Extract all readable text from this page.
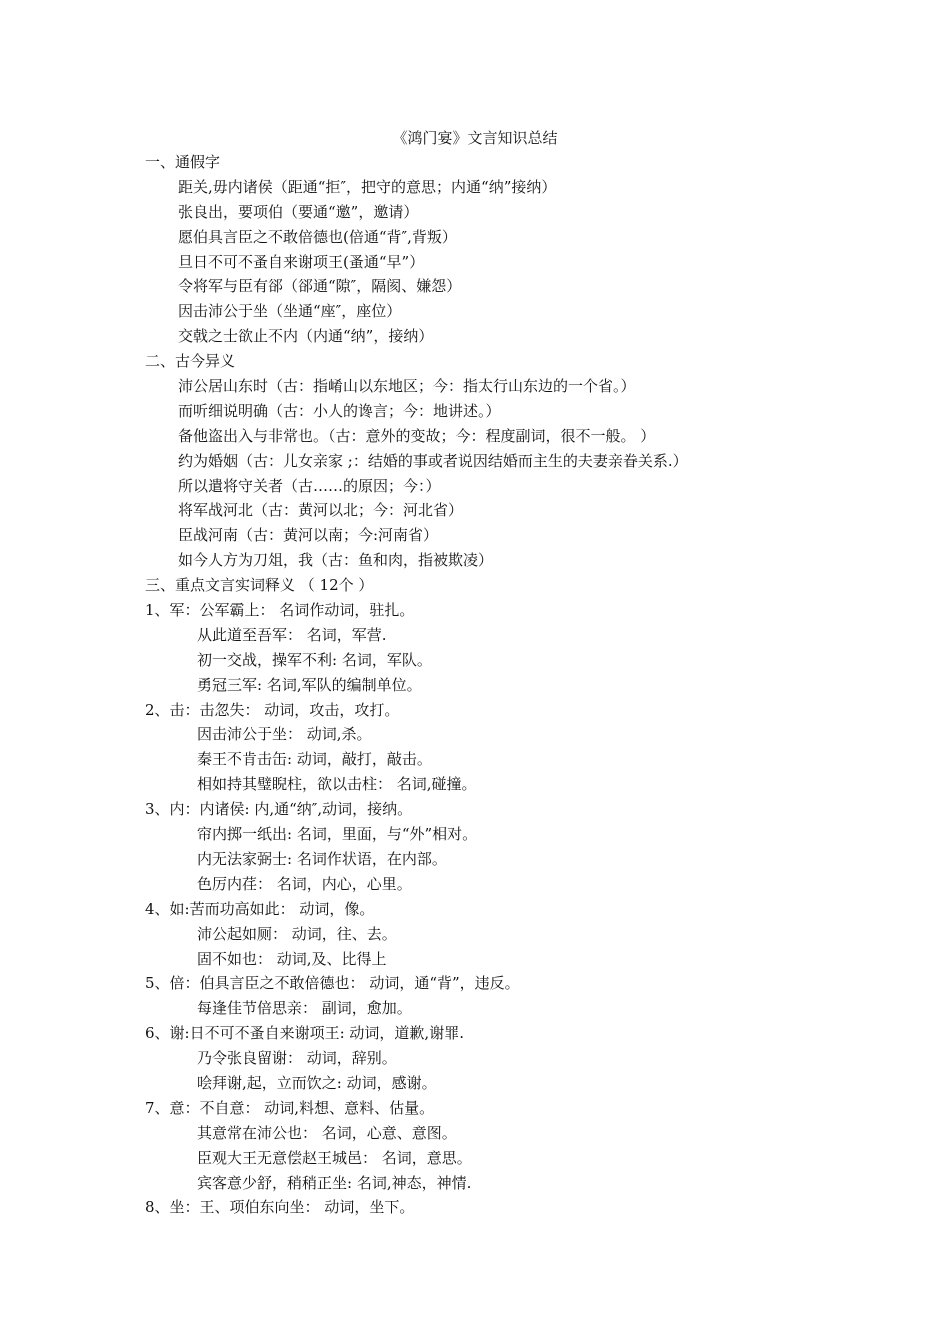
《鸿门宴》文言知识总结
一、通假字
距关,毋内诸侯（距通“拒″，把守的意思；内通“纳”接纳）
张良出，要项伯（要通“邀”，邀请）
愿伯具言臣之不敢倍德也(倍通“背″,背叛）
旦日不可不蚤自来谢项王(蚤通“早”）
令将军与臣有郤（郤通“隙″，隔阂、嫌怨）
因击沛公于坐（坐通“座″，座位）
交戟之士欲止不内（内通“纳”，接纳）
二、古今异义
沛公居山东时（古：指崤山以东地区；今：指太行山东边的一个省。）
而听细说明确（古：小人的谗言；今：地讲述。）
备他盗出入与非常也。（古：意外的变故；今：程度副词，很不一般。 ）
约为婚姻（古：儿女亲家 ;：结婚的事或者说因结婚而主生的夫妻亲眷关系.）
所以遣将守关者（古……的原因；今：）
将军战河北（古：黄河以北；今：河北省）
臣战河南（古：黄河以南；今:河南省）
如今人方为刀俎，我（古：鱼和肉，指被欺凌）
三、重点文言实词释义 （ 12个 ）
1、军：公军霸上： 名词作动词，驻扎。
从此道至吾军： 名词，军营.
初一交战，操军不利: 名词，军队。
勇冠三军: 名词,军队的编制单位。
2、击：击忽失： 动词，攻击，攻打。
因击沛公于坐： 动词,杀。
秦王不肯击缶: 动词，敲打，敲击。
相如持其璧睨柱，欲以击柱： 名词,碰撞。
3、内：内诸侯: 内,通“纳″,动词，接纳。
帘内掷一纸出: 名词，里面，与“外”相对。
内无法家弼士: 名词作状语，在内部。
色厉内荏： 名词，内心，心里。
4、如:苦而功高如此： 动词，像。
沛公起如厕： 动词，往、去。
固不如也： 动词,及、比得上
5、倍：伯具言臣之不敢倍德也： 动词，通“背”，违反。
每逢佳节倍思亲： 副词，愈加。
6、谢:日不可不蚤自来谢项王: 动词，道歉,谢罪.
乃令张良留谢： 动词，辞别。
哙拜谢,起，立而饮之: 动词，感谢。
7、意：不自意： 动词,料想、意料、估量。
其意常在沛公也： 名词，心意、意图。
臣观大王无意偿赵王城邑： 名词，意思。
宾客意少舒，稍稍正坐: 名词,神态，神情.
8、坐：王、项伯东向坐： 动词，坐下。
